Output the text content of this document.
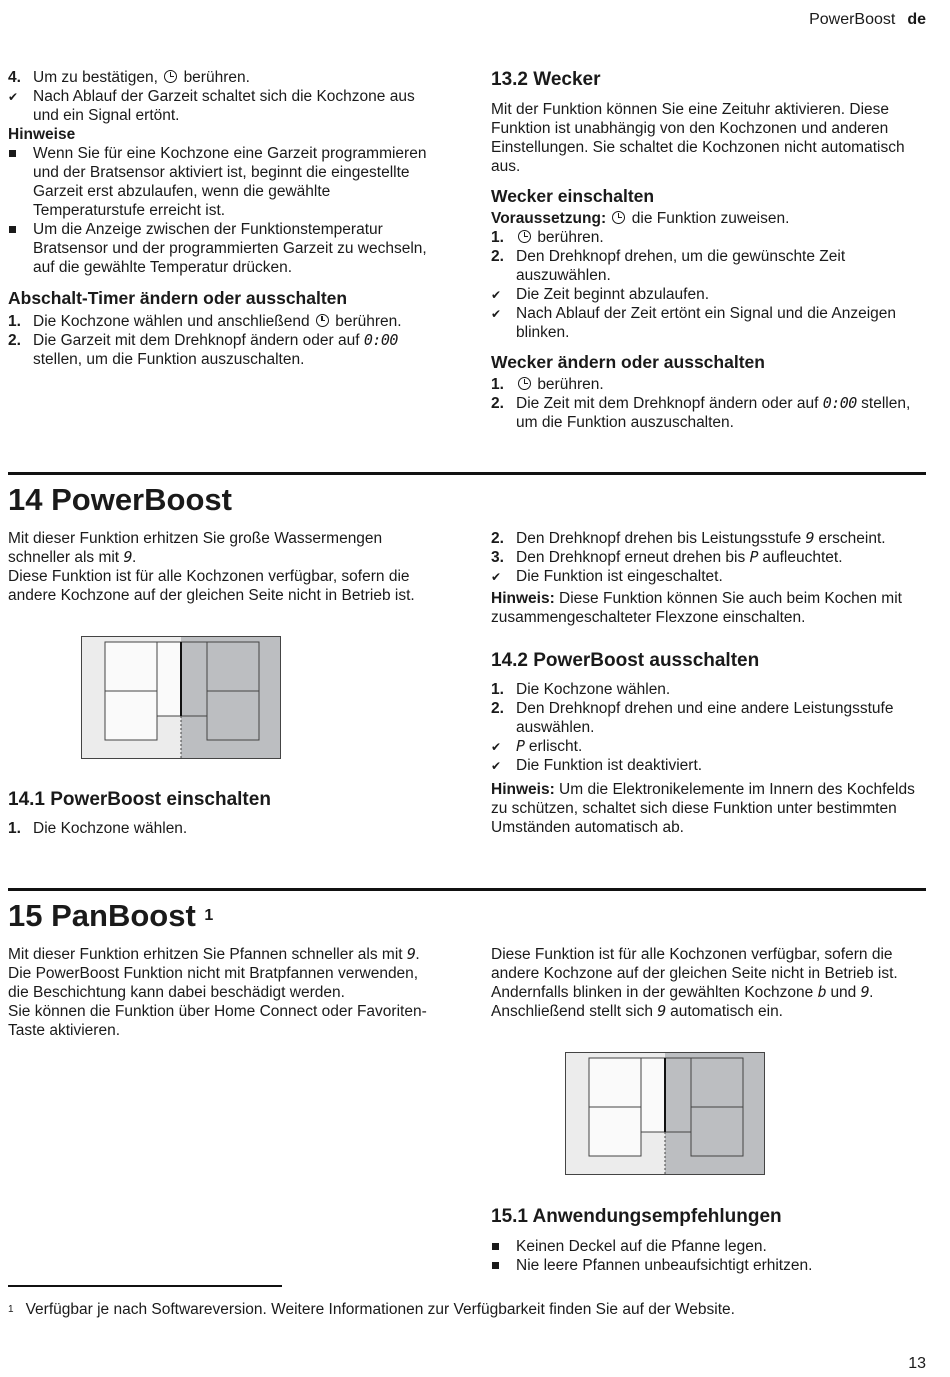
PowerBoost de
4. Um zu bestätigen, berühren.
✔
Nach Ablauf der Garzeit schaltet sich die Kochzone aus und ein Signal ertönt.

Hinweise

Wenn Sie für eine Kochzone eine Garzeit programmieren und der Bratsensor aktiviert ist, beginnt die eingestellte Garzeit erst abzulaufen, wenn die gewählte Temperaturstufe erreicht ist.
Um die Anzeige zwischen der Funktionstemperatur Bratsensor und der programmierten Garzeit zu wechseln, auf die gewählte Temperatur drücken.

Abschalt-Timer ändern oder ausschalten

1. Die Kochzone wählen und anschließend berühren.
2. Die Garzeit mit dem Drehknopf ändern oder auf 0:00 stellen, um die Funktion auszuschalten.

13.2 Wecker

Mit der Funktion können Sie eine Zeituhr aktivieren. Diese Funktion ist unabhängig von den Kochzonen und anderen Einstellungen. Sie schaltet die Kochzonen nicht automatisch aus.

Wecker einschalten

Voraussetzung: die Funktion zuweisen.

1.	berühren.
2. Den Drehknopf drehen, um die gewünschte Zeit auszuwählen.
✔
Die Zeit beginnt abzulaufen.
✔
Nach Ablauf der Zeit ertönt ein Signal und die Anzeigen blinken.

Wecker ändern oder ausschalten

1.	berühren.
2. Die Zeit mit dem Drehknopf ändern oder auf 0:00 stellen, um die Funktion auszuschalten.

14 PowerBoost

Mit dieser Funktion erhitzen Sie große Wassermengen schneller als mit 9.

Diese Funktion ist für alle Kochzonen verfügbar, sofern die andere Kochzone auf der gleichen Seite nicht in Betrieb ist.

14.1 PowerBoost einschalten

1. Die Kochzone wählen.
2. Den Drehknopf drehen bis Leistungsstufe 9 erscheint.
3. Den Drehknopf erneut drehen bis P aufleuchtet.
✔
Die Funktion ist eingeschaltet.

Hinweis: Diese Funktion können Sie auch beim Kochen mit zusammengeschalteter Flexzone einschalten.

14.2 PowerBoost ausschalten

1. Die Kochzone wählen.
2. Den Drehknopf drehen und eine andere Leistungsstufe auswählen.
✔
P erlischt.
✔
Die Funktion ist deaktiviert.

Hinweis: Um die Elektronikelemente im Innern des Kochfelds zu schützen, schaltet sich diese Funktion unter bestimmten Umständen automatisch ab.

15 PanBoost $^1$

Mit dieser Funktion erhitzen Sie Pfannen schneller als mit 9. Die PowerBoost Funktion nicht mit Bratpfannen verwenden, die Beschichtung kann dabei beschädigt werden.

Sie können die Funktion über Home Connect oder Favoriten-Taste aktivieren.

Diese Funktion ist für alle Kochzonen verfügbar, sofern die andere Kochzone auf der gleichen Seite nicht in Betrieb ist. Andernfalls blinken in der gewählten Kochzone b und 9. Anschließend stellt sich 9 automatisch ein.

15.1 Anwendungsempfehlungen

Keinen Deckel auf die Pfanne legen.
Nie leere Pfannen unbeaufsichtigt erhitzen.

$^1$ Verfügbar je nach Softwareversion. Weitere Informationen zur Verfügbarkeit finden Sie auf der Website.

13
